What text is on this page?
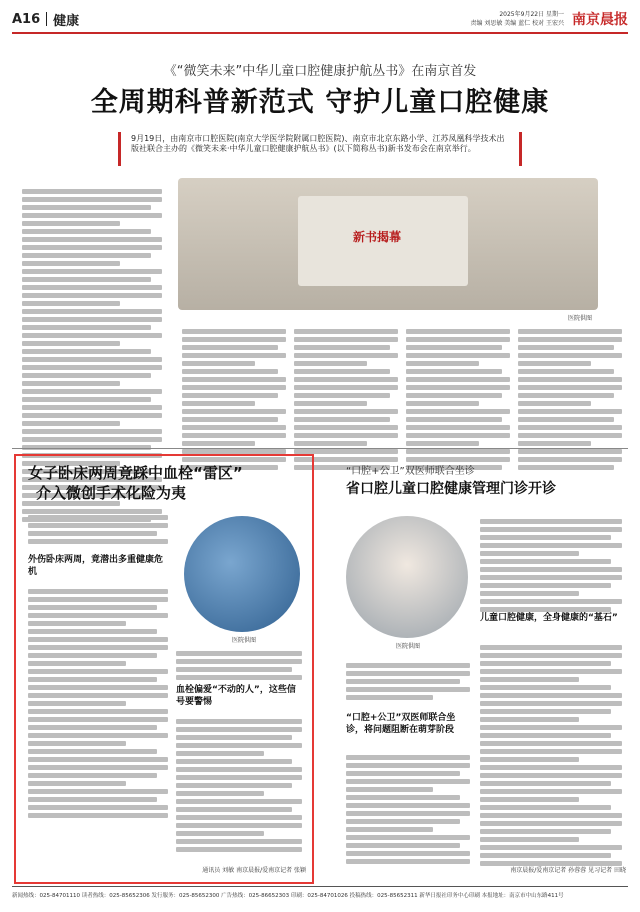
A16 健康	2025年9月22日 星期一
责编 刘思敏 美编 蓝仁 校对 王宏兴 南京晨报
《“微笑未来”中华儿童口腔健康护航丛书》在南京首发
全周期科普新范式 守护儿童口腔健康
9月19日，由南京市口腔医院(南京大学医学院附属口腔医院)、南京市北京东路小学、江苏凤凰科学技术出版社联合主办的《微笑未来·中华儿童口腔健康护航丛书》(以下简称丛书)新书发布会在南京举行。
新书揭幕
医院供图
女子卧床两周竟踩中血栓“雷区”
介入微创手术化险为夷
外伤卧床两周，竟潜出多重健康危机
医院供图
血栓偏爱“不动的人”，这些信号要警惕
通讯员 刘敏 南京晨报/爱南京记者 张颖
“口腔+公卫”双医师联合坐诊
省口腔儿童口腔健康管理门诊开诊
医院供图
儿童口腔健康，全身健康的“基石”
“口腔+公卫”双医师联合坐诊，将问题阻断在萌芽阶段
南京晨报/爱南京记者 孙蓉蓉 见习记者 田晓
新闻热线：025-84701110 读者热线：025-85652306 发行服务：025-85652300 广告热线：025-86652303 印刷：025-84701026 投稿热线：025-85652311 新华日报社印务中心印刷 本报地址：南京市中山东路411号
